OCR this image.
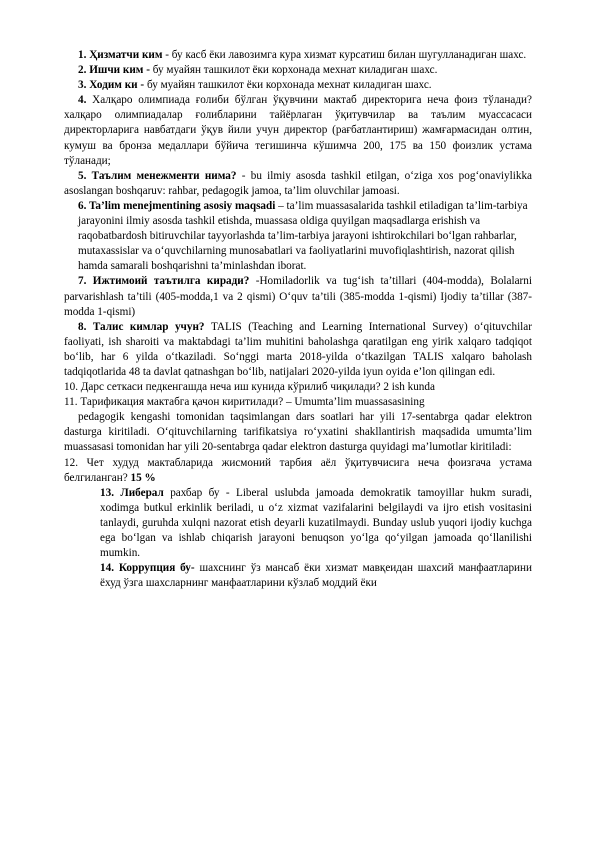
1. Ҳизматчи ким - бу касб ёки лавозимга кура хизмат курсатиш билан шугулланадиган шахс.

2. Ишчи ким - бу муайян ташкилот ёки корхонада мехнат киладиган шахс.

3. Ходим ки - бу муайян ташкилот ёки корхонада мехнат киладиган шахс.

4. Халқаро олимпиада ғолиби бўлган ўқувчини мактаб директорига неча фоиз тўланади? халқаро олимпиадалар ғолибларини тайёрлаган ўқитувчилар ва таълим муассасаси директорларига навбатдаги ўқув йили учун директор (рағбатлантириш) жамғармасидан олтин, кумуш ва бронза медаллари бўйича тегишинча кўшимча 200, 175 ва 150 фоизлик устама тўланади;

5. Таълим менежменти нима? - bu ilmiy asosda tashkil etilgan, o‘ziga xos pog‘onaviylikka asoslangan boshqaruv: rahbar, pedagogik jamoa, ta’lim oluvchilar jamoasi.

6. Ta’lim menejmentining asosiy maqsadi – ta’lim muassasalarida tashkil etiladigan ta’lim-tarbiya jarayonini ilmiy asosda tashkil etishda, muassasa oldiga quyilgan maqsadlarga erishish va raqobatbardosh bitiruvchilar tayyorlashda ta’lim-tarbiya jarayoni ishtirokchilari bo‘lgan rahbarlar, mutaxassislar va o‘quvchilarning munosabatlari va faoliyatlarini muvofiqlashtirish, nazorat qilish hamda samarali boshqarishni ta’minlashdan iborat.

7. Ижтимоий таътилга киради? -Homiladorlik va tug‘ish ta’tillari (404-modda), Bolalarni parvarishlash ta’tili (405-modda,1 va 2 qismi) O‘quv ta’tili (385-modda 1-qismi) Ijodiy ta’tillar (387-modda 1-qismi)

8. Талис кимлар учун? TALIS (Teaching and Learning International Survey) o‘qituvchilar faoliyati, ish sharoiti va maktabdagi ta’lim muhitini baholashga qaratilgan eng yirik xalqaro tadqiqot bo‘lib, har 6 yilda o‘tkaziladi. So‘nggi marta 2018-yilda o‘tkazilgan TALIS xalqaro baholash tadqiqotlarida 48 ta davlat qatnashgan bo‘lib, natijalari 2020-yilda iyun oyida e’lon qilingan edi.

10. Дарс сеткаси педкенгашда неча иш кунида кўрилиб чиқилади? 2 ish kunda

11. Тарификация мактабга қачон киритилади? – Umumta’lim muassasasining

pedagogik kengashi tomonidan taqsimlangan dars soatlari har yili 17-sentabrga qadar elektron dasturga kiritiladi. O‘qituvchilarning tarifikatsiya ro‘yxatini shakllantirish maqsadida umumta’lim muassasasi tomonidan har yili 20-sentabrga qadar elektron dasturga quyidagi ma’lumotlar kiritiladi:

12. Чет худуд мактабларида жисмоний тарбия аёл ўқитувчисига неча фоизгача устама белгиланган? 15 %

13. Либерал рахбар бу - Liberal uslubda jamoada demokratik tamoyillar hukm suradi, xodimga butkul erkinlik beriladi, u o‘z xizmat vazifalarini belgilaydi va ijro etish vositasini tanlaydi, guruhda xulqni nazorat etish deyarli kuzatilmaydi. Bunday uslub yuqori ijodiy kuchga ega bo‘lgan va ishlab chiqarish jarayoni benuqson yo‘lga qo‘yilgan jamoada qo‘llanilishi mumkin.

14. Коррупция бу- шахснинг ўз мансаб ёки хизмат мавқеидан шахсий манфаатларини ёхуд ўзга шахсларнинг манфаатларини кўзлаб моддий ёки
